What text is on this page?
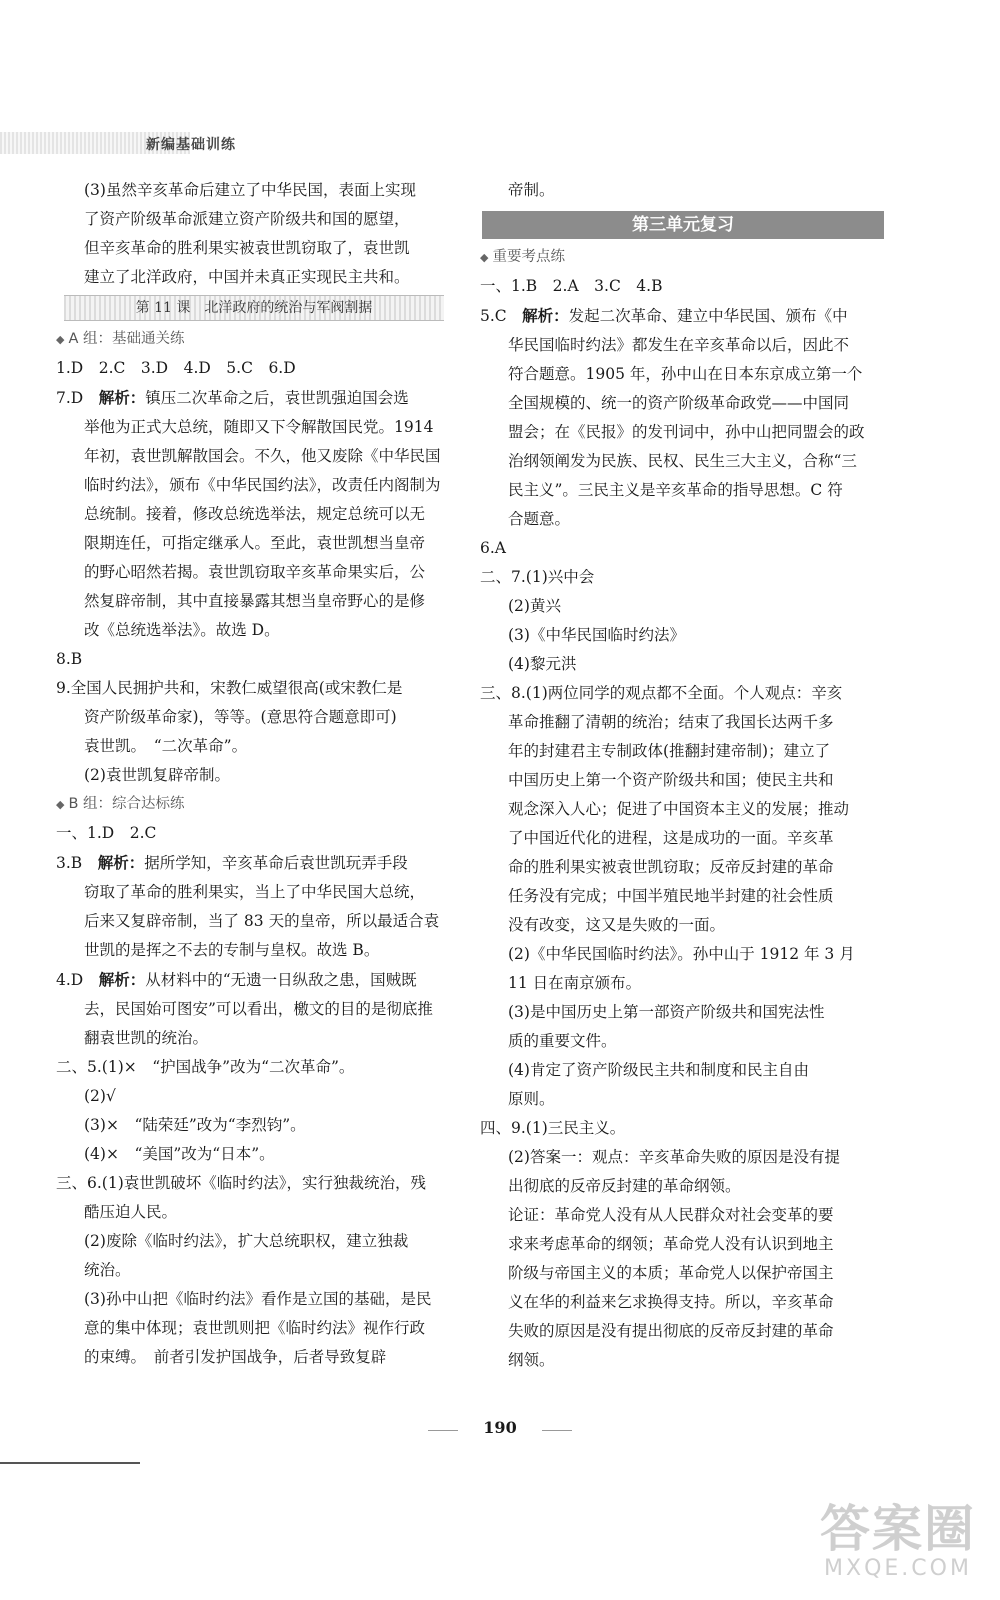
新编基础训练

(3)虽然辛亥革命后建立了中华民国，表面上实现

了资产阶级革命派建立资产阶级共和国的愿望，

但辛亥革命的胜利果实被袁世凯窃取了，袁世凯

建立了北洋政府，中国并未真正实现民主共和。

第 11 课　北洋政府的统治与军阀割据

◆ A 组：基础通关练

1.D　2.C　3.D　4.D　5.C　6.D

7.D　解析：镇压二次革命之后，袁世凯强迫国会选

举他为正式大总统，随即又下令解散国民党。1914

年初，袁世凯解散国会。不久，他又废除《中华民国

临时约法》，颁布《中华民国约法》，改责任内阁制为

总统制。接着，修改总统选举法，规定总统可以无

限期连任，可指定继承人。至此，袁世凯想当皇帝

的野心昭然若揭。袁世凯窃取辛亥革命果实后，公

然复辟帝制，其中直接暴露其想当皇帝野心的是修

改《总统选举法》。故选 D。

8.B

9.全国人民拥护共和，宋教仁威望很高(或宋教仁是

资产阶级革命家)，等等。(意思符合题意即可)

袁世凯。　“二次革命”。

(2)袁世凯复辟帝制。

◆ B 组：综合达标练

一、1.D　2.C

3.B　解析：据所学知，辛亥革命后袁世凯玩弄手段

窃取了革命的胜利果实，当上了中华民国大总统，

后来又复辟帝制，当了 83 天的皇帝，所以最适合袁

世凯的是挥之不去的专制与皇权。故选 B。

4.D　解析：从材料中的“无遗一日纵敌之患，国贼既

去，民国始可图安”可以看出，檄文的目的是彻底推

翻袁世凯的统治。

二、5.(1)×　“护国战争”改为“二次革命”。

(2)√

(3)×　“陆荣廷”改为“李烈钧”。

(4)×　“美国”改为“日本”。

三、6.(1)袁世凯破坏《临时约法》，实行独裁统治，残

酷压迫人民。

(2)废除《临时约法》，扩大总统职权，建立独裁

统治。

(3)孙中山把《临时约法》看作是立国的基础，是民

意的集中体现；袁世凯则把《临时约法》视作行政

的束缚。　前者引发护国战争，后者导致复辟

帝制。

第三单元复习

◆ 重要考点练

一、1.B　2.A　3.C　4.B

5.C　解析：发起二次革命、建立中华民国、颁布《中

华民国临时约法》都发生在辛亥革命以后，因此不

符合题意。1905 年，孙中山在日本东京成立第一个

全国规模的、统一的资产阶级革命政党——中国同

盟会；在《民报》的发刊词中，孙中山把同盟会的政

治纲领阐发为民族、民权、民生三大主义，合称“三

民主义”。三民主义是辛亥革命的指导思想。C 符

合题意。

6.A

二、7.(1)兴中会

(2)黄兴

(3)《中华民国临时约法》

(4)黎元洪

三、8.(1)两位同学的观点都不全面。个人观点：辛亥

革命推翻了清朝的统治；结束了我国长达两千多

年的封建君主专制政体(推翻封建帝制)；建立了

中国历史上第一个资产阶级共和国；使民主共和

观念深入人心；促进了中国资本主义的发展；推动

了中国近代化的进程，这是成功的一面。辛亥革

命的胜利果实被袁世凯窃取；反帝反封建的革命

任务没有完成；中国半殖民地半封建的社会性质

没有改变，这又是失败的一面。

(2)《中华民国临时约法》。孙中山于 1912 年 3 月

11 日在南京颁布。

(3)是中国历史上第一部资产阶级共和国宪法性

质的重要文件。

(4)肯定了资产阶级民主共和制度和民主自由

原则。

四、9.(1)三民主义。

(2)答案一：观点：辛亥革命失败的原因是没有提

出彻底的反帝反封建的革命纲领。

论证：革命党人没有从人民群众对社会变革的要

求来考虑革命的纲领；革命党人没有认识到地主

阶级与帝国主义的本质；革命党人以保护帝国主

义在华的利益来乞求换得支持。所以，辛亥革命

失败的原因是没有提出彻底的反帝反封建的革命

纲领。

190
答案圈
MXQE.COM
